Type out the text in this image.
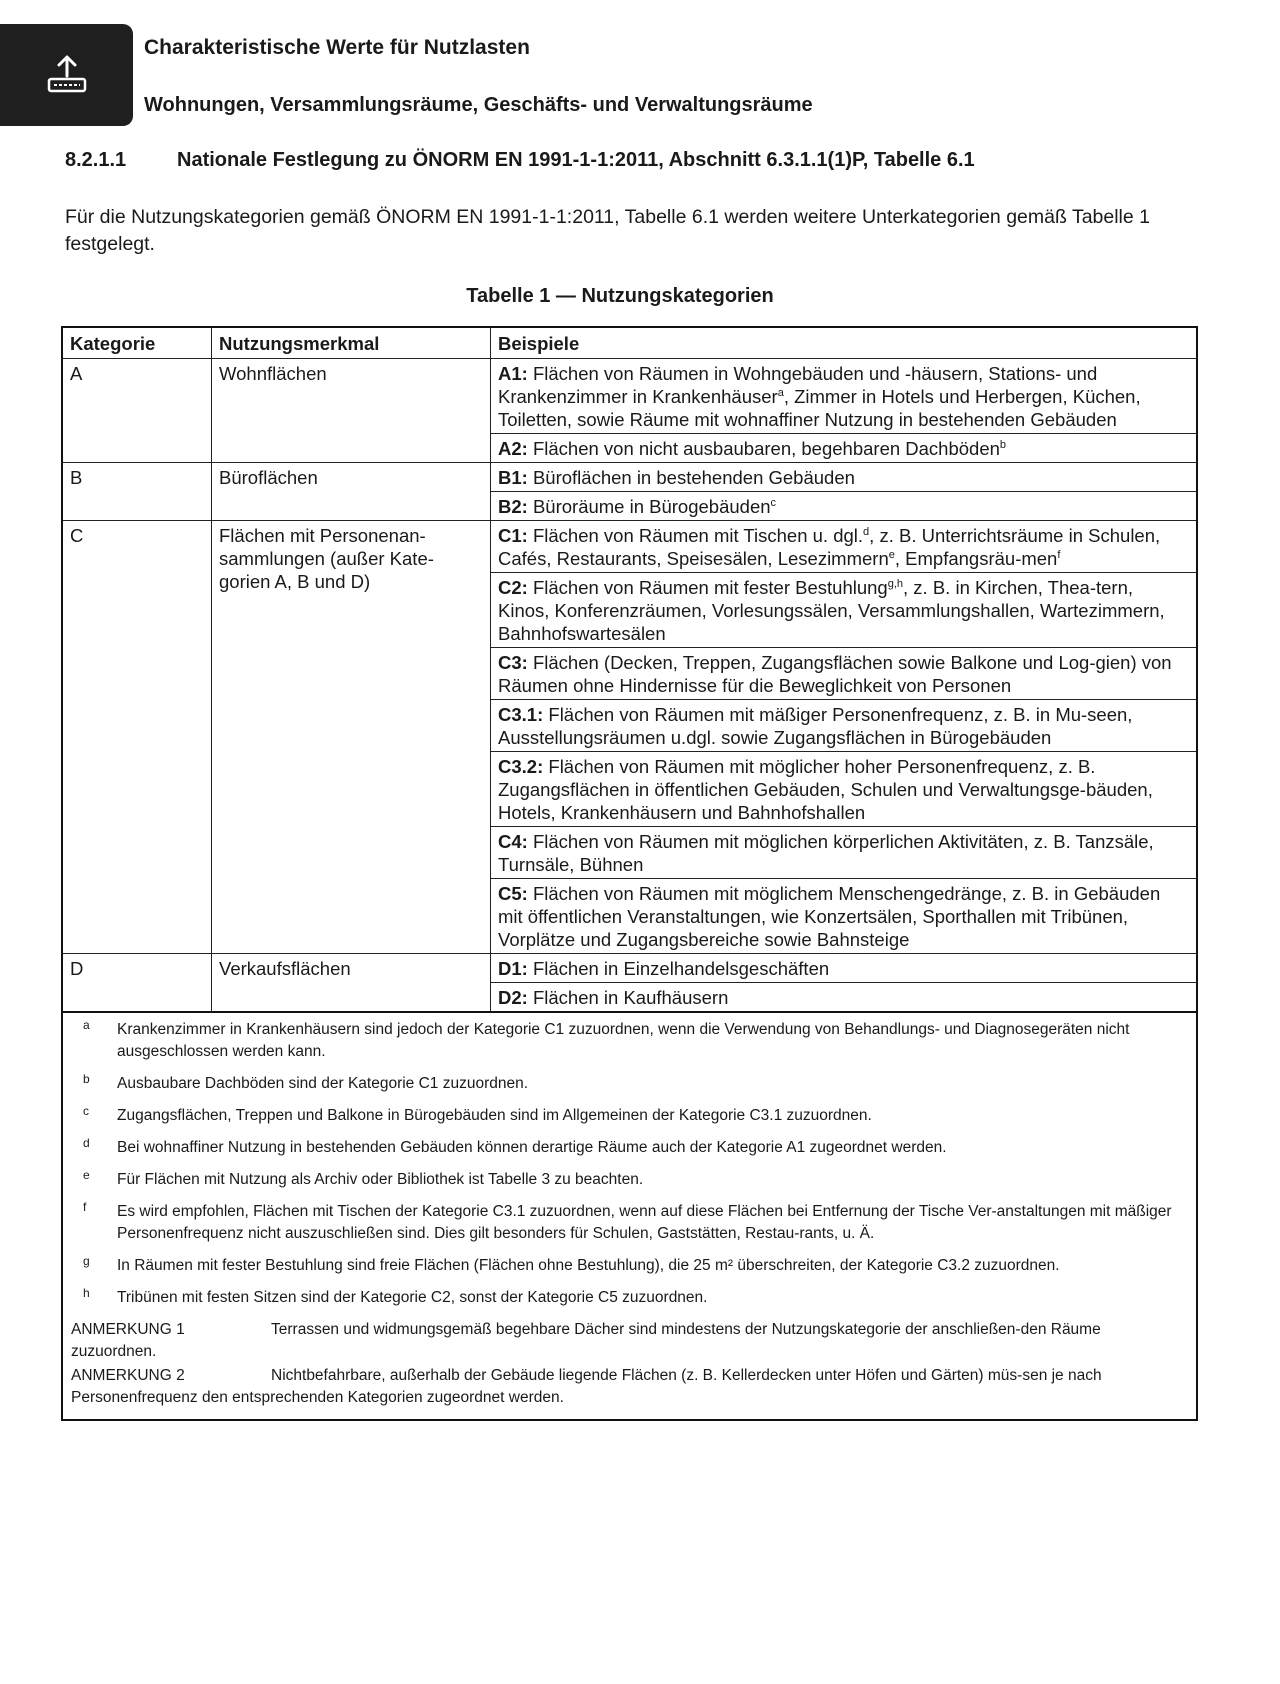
Charakteristische Werte für Nutzlasten
Wohnungen, Versammlungsräume, Geschäfts- und Verwaltungsräume
8.2.1.1	Nationale Festlegung zu ÖNORM EN 1991-1-1:2011, Abschnitt 6.3.1.1(1)P, Tabelle 6.1
Für die Nutzungskategorien gemäß ÖNORM EN 1991-1-1:2011, Tabelle 6.1 werden weitere Unterkategorien gemäß Tabelle 1 festgelegt.
Tabelle 1 — Nutzungskategorien
Kategorie	Nutzungsmerkmal	Beispiele
A	Wohnflächen	A1: Flächen von Räumen in Wohngebäuden und -häusern, Stations- und Krankenzimmer in Krankenhäuser$^a$, Zimmer in Hotels und Herbergen, Küchen, Toiletten, sowie Räume mit wohnaffiner Nutzung in bestehenden Gebäuden
		A2: Flächen von nicht ausbaubaren, begehbaren Dachböden$^b$
B	Büroflächen	B1: Büroflächen in bestehenden Gebäuden
		B2: Büroräume in Bürogebäuden$^c$
C	Flächen mit Personenan-sammlungen (außer Kate-gorien A, B und D)	C1: Flächen von Räumen mit Tischen u. dgl.$^d$, z. B. Unterrichtsräume in Schulen, Cafés, Restaurants, Speisesälen, Lesezimmern$^e$, Empfangsräu-men$^f$
		C2: Flächen von Räumen mit fester Bestuhlung$^{g,h}$, z. B. in Kirchen, Thea-tern, Kinos, Konferenzräumen, Vorlesungssälen, Versammlungshallen, Wartezimmern, Bahnhofswartesälen
		C3: Flächen (Decken, Treppen, Zugangsflächen sowie Balkone und Log-gien) von Räumen ohne Hindernisse für die Beweglichkeit von Personen
		C3.1: Flächen von Räumen mit mäßiger Personenfrequenz, z. B. in Mu-seen, Ausstellungsräumen u.dgl. sowie Zugangsflächen in Bürogebäuden
		C3.2: Flächen von Räumen mit möglicher hoher Personenfrequenz, z. B. Zugangsflächen in öffentlichen Gebäuden, Schulen und Verwaltungsge-bäuden, Hotels, Krankenhäusern und Bahnhofshallen
		C4: Flächen von Räumen mit möglichen körperlichen Aktivitäten, z. B. Tanzsäle, Turnsäle, Bühnen
		C5: Flächen von Räumen mit möglichem Menschengedränge, z. B. in Gebäuden mit öffentlichen Veranstaltungen, wie Konzertsälen, Sporthallen mit Tribünen, Vorplätze und Zugangsbereiche sowie Bahnsteige
D	Verkaufsflächen	D1: Flächen in Einzelhandelsgeschäften
		D2: Flächen in Kaufhäusern
a Krankenzimmer in Krankenhäusern sind jedoch der Kategorie C1 zuzuordnen, wenn die Verwendung von Behandlungs- und Diagnosegeräten nicht ausgeschlossen werden kann.
b Ausbaubare Dachböden sind der Kategorie C1 zuzuordnen.
c Zugangsflächen, Treppen und Balkone in Bürogebäuden sind im Allgemeinen der Kategorie C3.1 zuzuordnen.
d Bei wohnaffiner Nutzung in bestehenden Gebäuden können derartige Räume auch der Kategorie A1 zugeordnet werden.
e Für Flächen mit Nutzung als Archiv oder Bibliothek ist Tabelle 3 zu beachten.
f Es wird empfohlen, Flächen mit Tischen der Kategorie C3.1 zuzuordnen, wenn auf diese Flächen bei Entfernung der Tische Ver-anstaltungen mit mäßiger Personenfrequenz nicht auszuschließen sind. Dies gilt besonders für Schulen, Gaststätten, Restau-rants, u. Ä.
g In Räumen mit fester Bestuhlung sind freie Flächen (Flächen ohne Bestuhlung), die 25 m² überschreiten, der Kategorie C3.2 zuzuordnen.
h Tribünen mit festen Sitzen sind der Kategorie C2, sonst der Kategorie C5 zuzuordnen.
ANMERKUNG 1	Terrassen und widmungsgemäß begehbare Dächer sind mindestens der Nutzungskategorie der anschließen-den Räume zuzuordnen.
ANMERKUNG 2	Nichtbefahrbare, außerhalb der Gebäude liegende Flächen (z. B. Kellerdecken unter Höfen und Gärten) müs-sen je nach Personenfrequenz den entsprechenden Kategorien zugeordnet werden.
